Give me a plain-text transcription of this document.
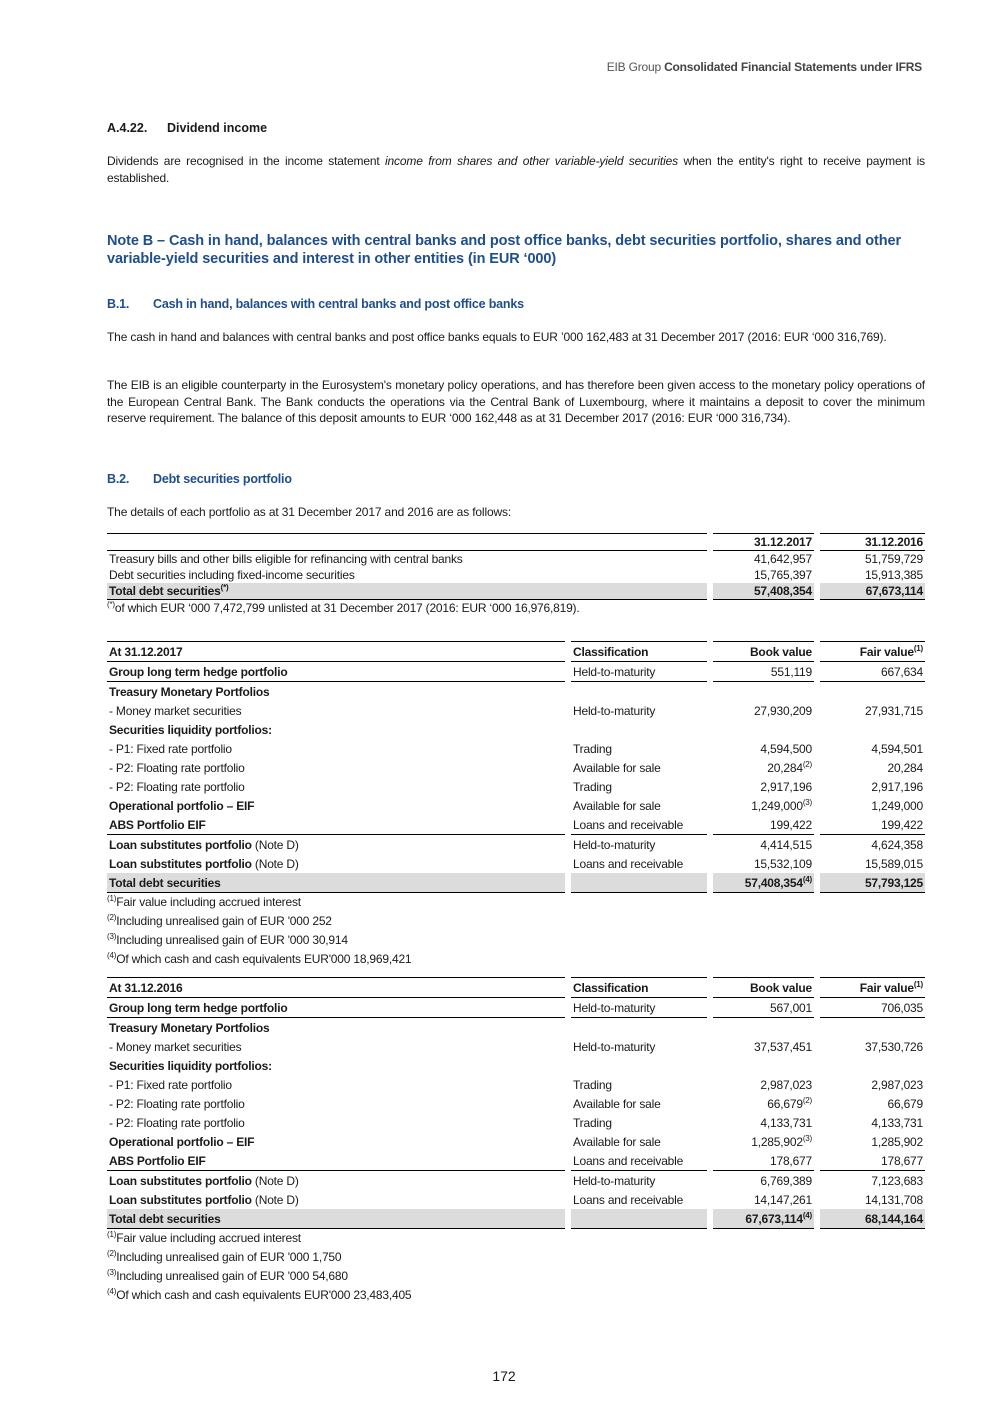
EIB Group Consolidated Financial Statements under IFRS
A.4.22. Dividend income

Dividends are recognised in the income statement income from shares and other variable-yield securities when the entity's right to receive payment is established.

Note B – Cash in hand, balances with central banks and post office banks, debt securities portfolio, shares and other variable-yield securities and interest in other entities (in EUR ‘000)
B.1. Cash in hand, balances with central banks and post office banks

The cash in hand and balances with central banks and post office banks equals to EUR ’000 162,483 at 31 December 2017 (2016: EUR ‘000 316,769).

The EIB is an eligible counterparty in the Eurosystem's monetary policy operations, and has therefore been given access to the monetary policy operations of the European Central Bank. The Bank conducts the operations via the Central Bank of Luxembourg, where it maintains a deposit to cover the minimum reserve requirement. The balance of this deposit amounts to EUR ‘000 162,448 as at 31 December 2017 (2016: EUR ‘000 316,734).

B.2. Debt securities portfolio

The details of each portfolio as at 31 December 2017 and 2016 are as follows:

		31.12.2017		31.12.2016
Treasury bills and other bills eligible for refinancing with central banks		41,642,957		51,759,729
Debt securities including fixed-income securities		15,765,397		15,913,385
Total debt securities(*)		57,408,354		67,673,114
(*)of which EUR ‘000 7,472,799 unlisted at 31 December 2017 (2016: EUR ‘000 16,976,819).
At 31.12.2017		Classification		Book value		Fair value$^{(1)}$
Group long term hedge portfolio		Held-to-maturity		551,119		667,634
Treasury Monetary Portfolios						
- Money market securities		Held-to-maturity		27,930,209		27,931,715
Securities liquidity portfolios:						
- P1: Fixed rate portfolio		Trading		4,594,500		4,594,501
- P2: Floating rate portfolio		Available for sale		20,284$^{(2)}$		20,284
- P2: Floating rate portfolio		Trading		2,917,196		2,917,196
Operational portfolio – EIF		Available for sale		1,249,000$^{(3)}$		1,249,000
ABS Portfolio EIF		Loans and receivable		199,422		199,422
Loan substitutes portfolio (Note D)		Held-to-maturity		4,414,515		4,624,358
Loan substitutes portfolio (Note D)		Loans and receivable		15,532,109		15,589,015
Total debt securities				57,408,354$^{(4)}$		57,793,125
$^{(1)}$Fair value including accrued interest
$^{(2)}$Including unrealised gain of EUR '000 252
$^{(3)}$Including unrealised gain of EUR '000 30,914
$^{(4)}$Of which cash and cash equivalents EUR'000 18,969,421
At 31.12.2016		Classification		Book value		Fair value$^{(1)}$
Group long term hedge portfolio		Held-to-maturity		567,001		706,035
Treasury Monetary Portfolios						
- Money market securities		Held-to-maturity		37,537,451		37,530,726
Securities liquidity portfolios:						
- P1: Fixed rate portfolio		Trading		2,987,023		2,987,023
- P2: Floating rate portfolio		Available for sale		66,679$^{(2)}$		66,679
- P2: Floating rate portfolio		Trading		4,133,731		4,133,731
Operational portfolio – EIF		Available for sale		1,285,902$^{(3)}$		1,285,902
ABS Portfolio EIF		Loans and receivable		178,677		178,677
Loan substitutes portfolio (Note D)		Held-to-maturity		6,769,389		7,123,683
Loan substitutes portfolio (Note D)		Loans and receivable		14,147,261		14,131,708
Total debt securities				67,673,114$^{(4)}$		68,144,164
$^{(1)}$Fair value including accrued interest
$^{(2)}$Including unrealised gain of EUR '000 1,750
$^{(3)}$Including unrealised gain of EUR '000 54,680
$^{(4)}$Of which cash and cash equivalents EUR'000 23,483,405
172
